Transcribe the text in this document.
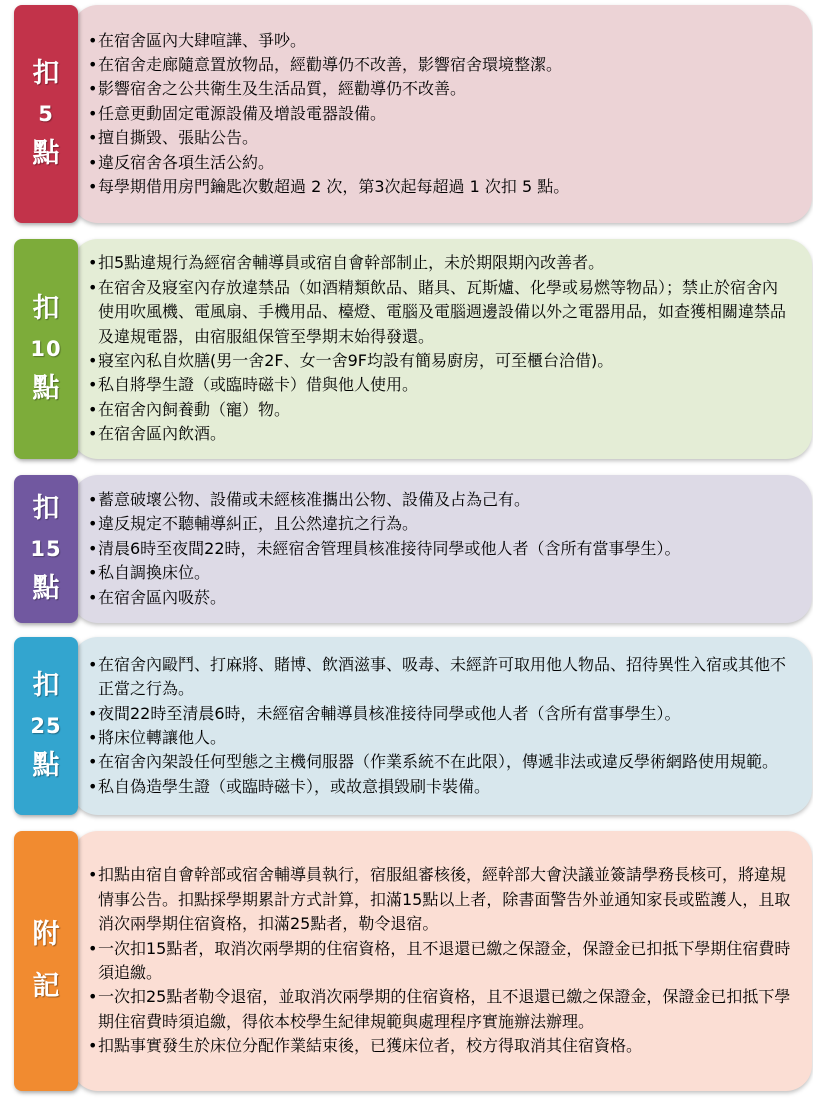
• 在宿舍區內大肆喧譁、爭吵。
• 在宿舍走廊隨意置放物品，經勸導仍不改善，影響宿舍環境整潔。
• 影響宿舍之公共衛生及生活品質，經勸導仍不改善。
• 任意更動固定電源設備及增設電器設備。
• 擅自撕毀、張貼公告。
• 違反宿舍各項生活公約。
• 每學期借用房門鑰匙次數超過 2 次，第3次起每超過 1 次扣 5 點。
扣
5
點
• 扣5點違規行為經宿舍輔導員或宿自會幹部制止，未於期限期內改善者。
• 在宿舍及寢室內存放違禁品（如酒精類飲品、賭具、瓦斯爐、化學或易燃等物品）；禁止於宿舍內使用吹風機、電風扇、手機用品、檯燈、電腦及電腦週邊設備以外之電器用品，如查獲相關違禁品及違規電器，由宿服組保管至學期末始得發還。
• 寢室內私自炊膳(男一舍2F、女一舍9F均設有簡易廚房，可至櫃台洽借)。
• 私自將學生證（或臨時磁卡）借與他人使用。
• 在宿舍內飼養動（寵）物。
• 在宿舍區內飲酒。
扣
10
點
• 蓄意破壞公物、設備或未經核准攜出公物、設備及占為己有。
• 違反規定不聽輔導糾正，且公然違抗之行為。
• 清晨6時至夜間22時，未經宿舍管理員核准接待同學或他人者（含所有當事學生）。
• 私自調換床位。
• 在宿舍區內吸菸。
扣
15
點
• 在宿舍內毆鬥、打麻將、賭博、飲酒滋事、吸毒、未經許可取用他人物品、招待異性入宿或其他不正當之行為。
• 夜間22時至清晨6時，未經宿舍輔導員核准接待同學或他人者（含所有當事學生）。
• 將床位轉讓他人。
• 在宿舍內架設任何型態之主機伺服器（作業系統不在此限），傳遞非法或違反學術網路使用規範。
• 私自偽造學生證（或臨時磁卡），或故意損毀刷卡裝備。
扣
25
點
• 扣點由宿自會幹部或宿舍輔導員執行，宿服組審核後，經幹部大會決議並簽請學務長核可，將違規情事公告。扣點採學期累計方式計算，扣滿15點以上者，除書面警告外並通知家長或監護人，且取消次兩學期住宿資格，扣滿25點者，勒令退宿。
• 一次扣15點者，取消次兩學期的住宿資格，且不退還已繳之保證金，保證金已扣抵下學期住宿費時須追繳。
• 一次扣25點者勒令退宿，並取消次兩學期的住宿資格，且不退還已繳之保證金，保證金已扣抵下學期住宿費時須追繳，得依本校學生紀律規範與處理程序實施辦法辦理。
• 扣點事實發生於床位分配作業結束後，已獲床位者，校方得取消其住宿資格。
附
記
